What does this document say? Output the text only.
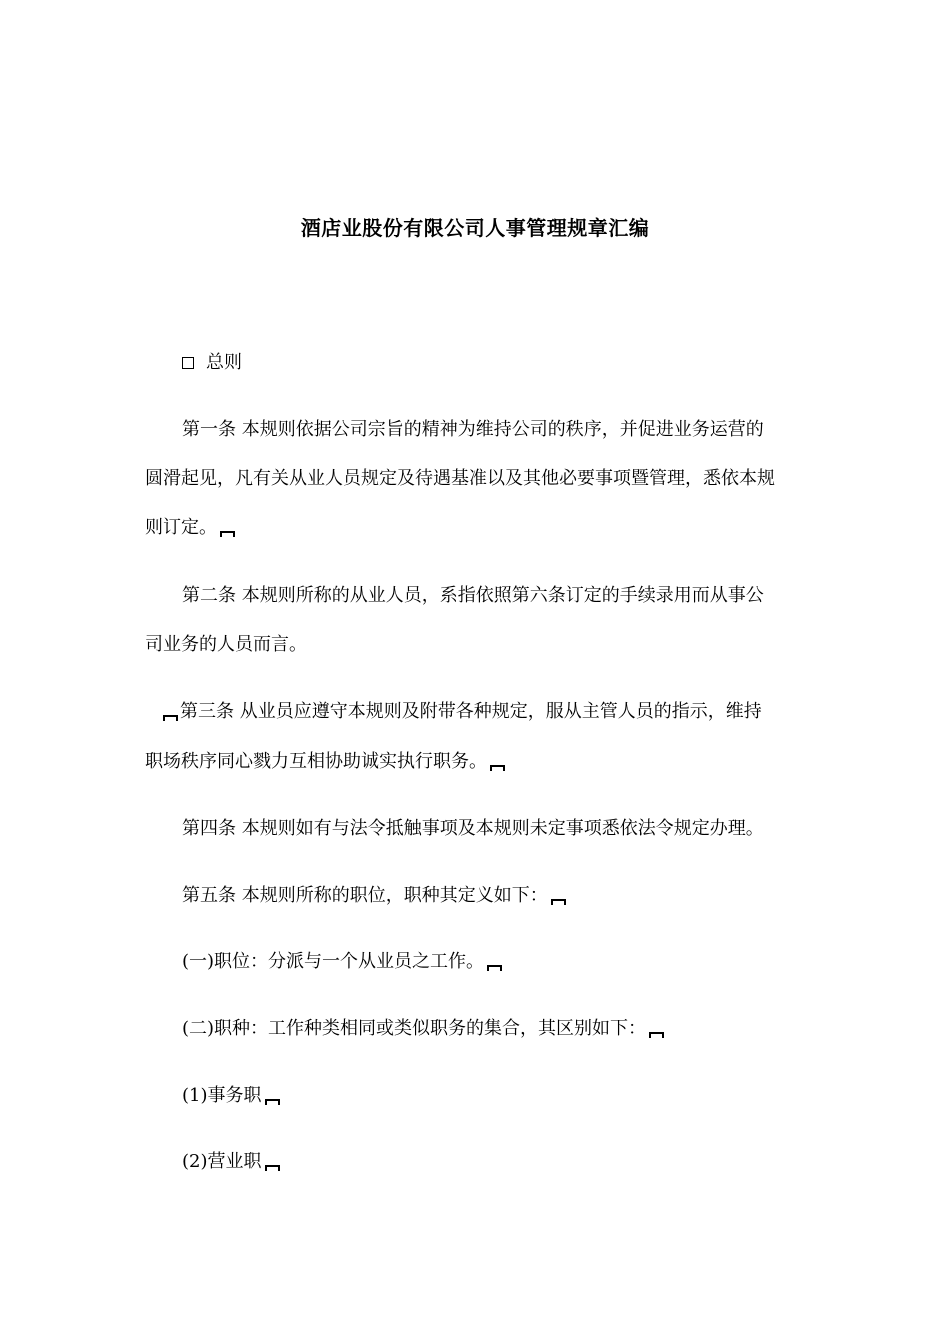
酒店业股份有限公司人事管理规章汇编
总则
第一条 本规则依据公司宗旨的精神为维持公司的秩序，并促进业务运营的
圆滑起见，凡有关从业人员规定及待遇基准以及其他必要事项暨管理，悉依本规
则订定。
第二条 本规则所称的从业人员，系指依照第六条订定的手续录用而从事公
司业务的人员而言。
第三条 从业员应遵守本规则及附带各种规定，服从主管人员的指示，维持
职场秩序同心戮力互相协助诚实执行职务。
第四条 本规则如有与法令抵触事项及本规则未定事项悉依法令规定办理。
第五条 本规则所称的职位，职种其定义如下：
(一)职位：分派与一个从业员之工作。
(二)职种：工作种类相同或类似职务的集合，其区别如下：
(1)事务职
(2)营业职
